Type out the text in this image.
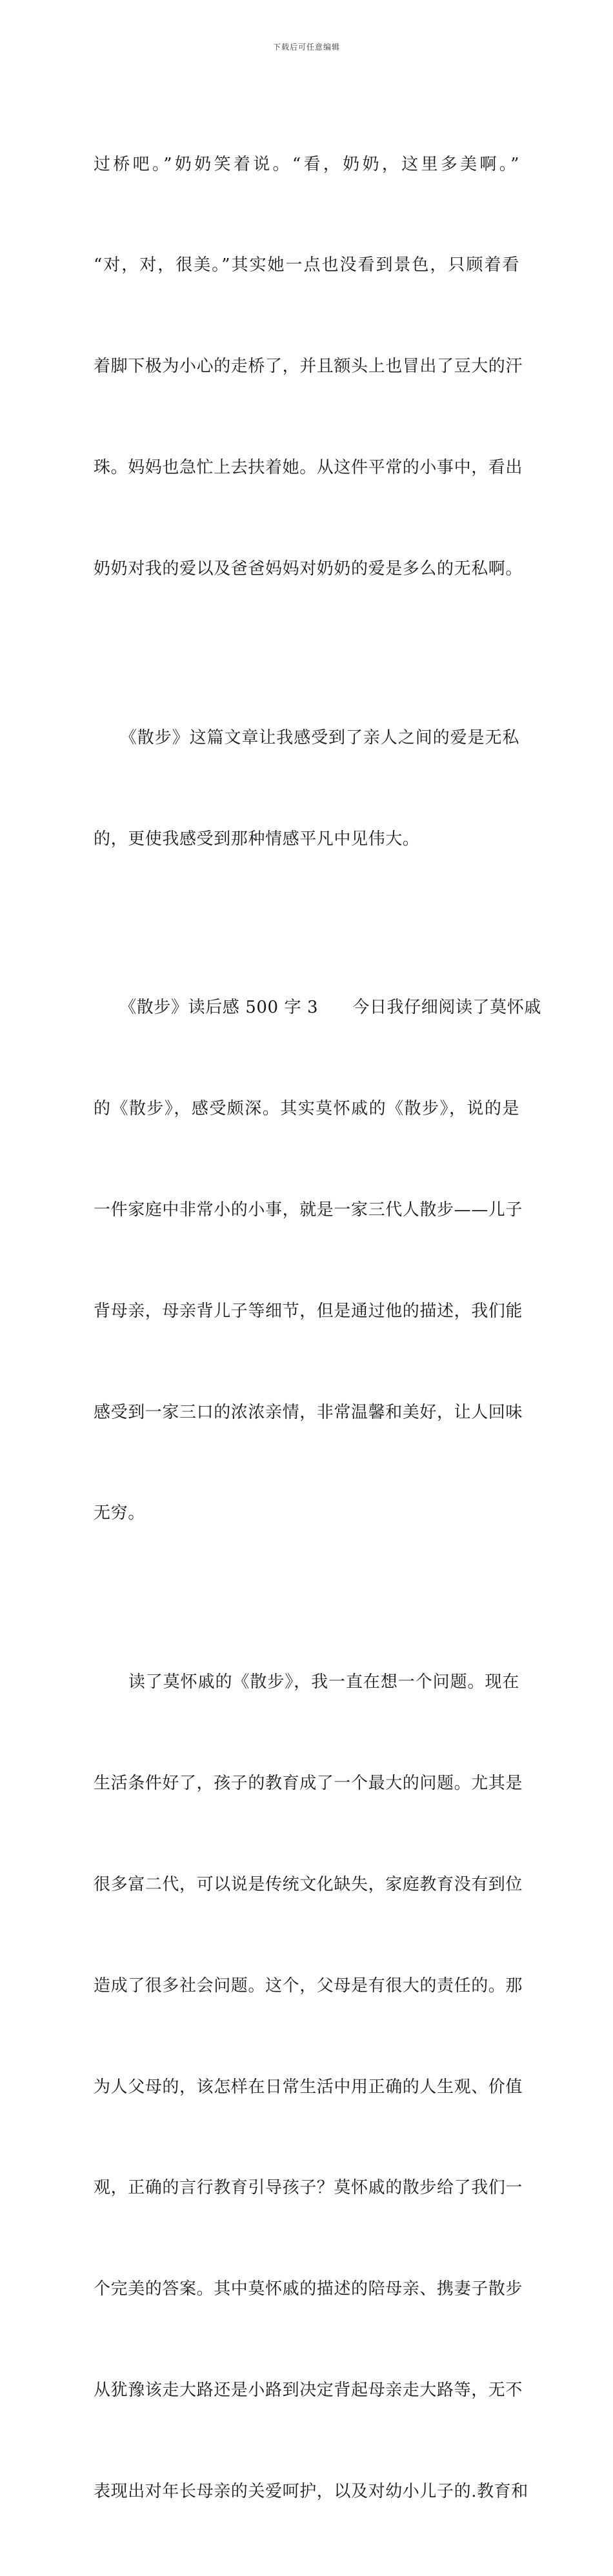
下载后可任意编辑

过桥吧。”奶奶笑着说。“看，奶奶，这里多美啊。”

“对，对，很美。”其实她一点也没看到景色，只顾着看

着脚下极为小心的走桥了，并且额头上也冒出了豆大的汗

珠。妈妈也急忙上去扶着她。从这件平常的小事中，看出

奶奶对我的爱以及爸爸妈妈对奶奶的爱是多么的无私啊。

　　《散步》这篇文章让我感受到了亲人之间的爱是无私

的，更使我感受到那种情感平凡中见伟大。

　　《散步》读后感 500 字 3　　今日我仔细阅读了莫怀戚

的《散步》，感受颇深。其实莫怀戚的《散步》，说的是

一件家庭中非常小的小事，就是一家三代人散步——儿子

背母亲，母亲背儿子等细节，但是通过他的描述，我们能

感受到一家三口的浓浓亲情，非常温馨和美好，让人回味

无穷。

　　读了莫怀戚的《散步》，我一直在想一个问题。现在

生活条件好了，孩子的教育成了一个最大的问题。尤其是

很多富二代，可以说是传统文化缺失，家庭教育没有到位

造成了很多社会问题。这个，父母是有很大的责任的。那

为人父母的，该怎样在日常生活中用正确的人生观、价值

观，正确的言行教育引导孩子？莫怀戚的散步给了我们一

个完美的答案。其中莫怀戚的描述的陪母亲、携妻子散步

从犹豫该走大路还是小路到决定背起母亲走大路等，无不

表现出对年长母亲的关爱呵护，以及对幼小儿子的.教育和
